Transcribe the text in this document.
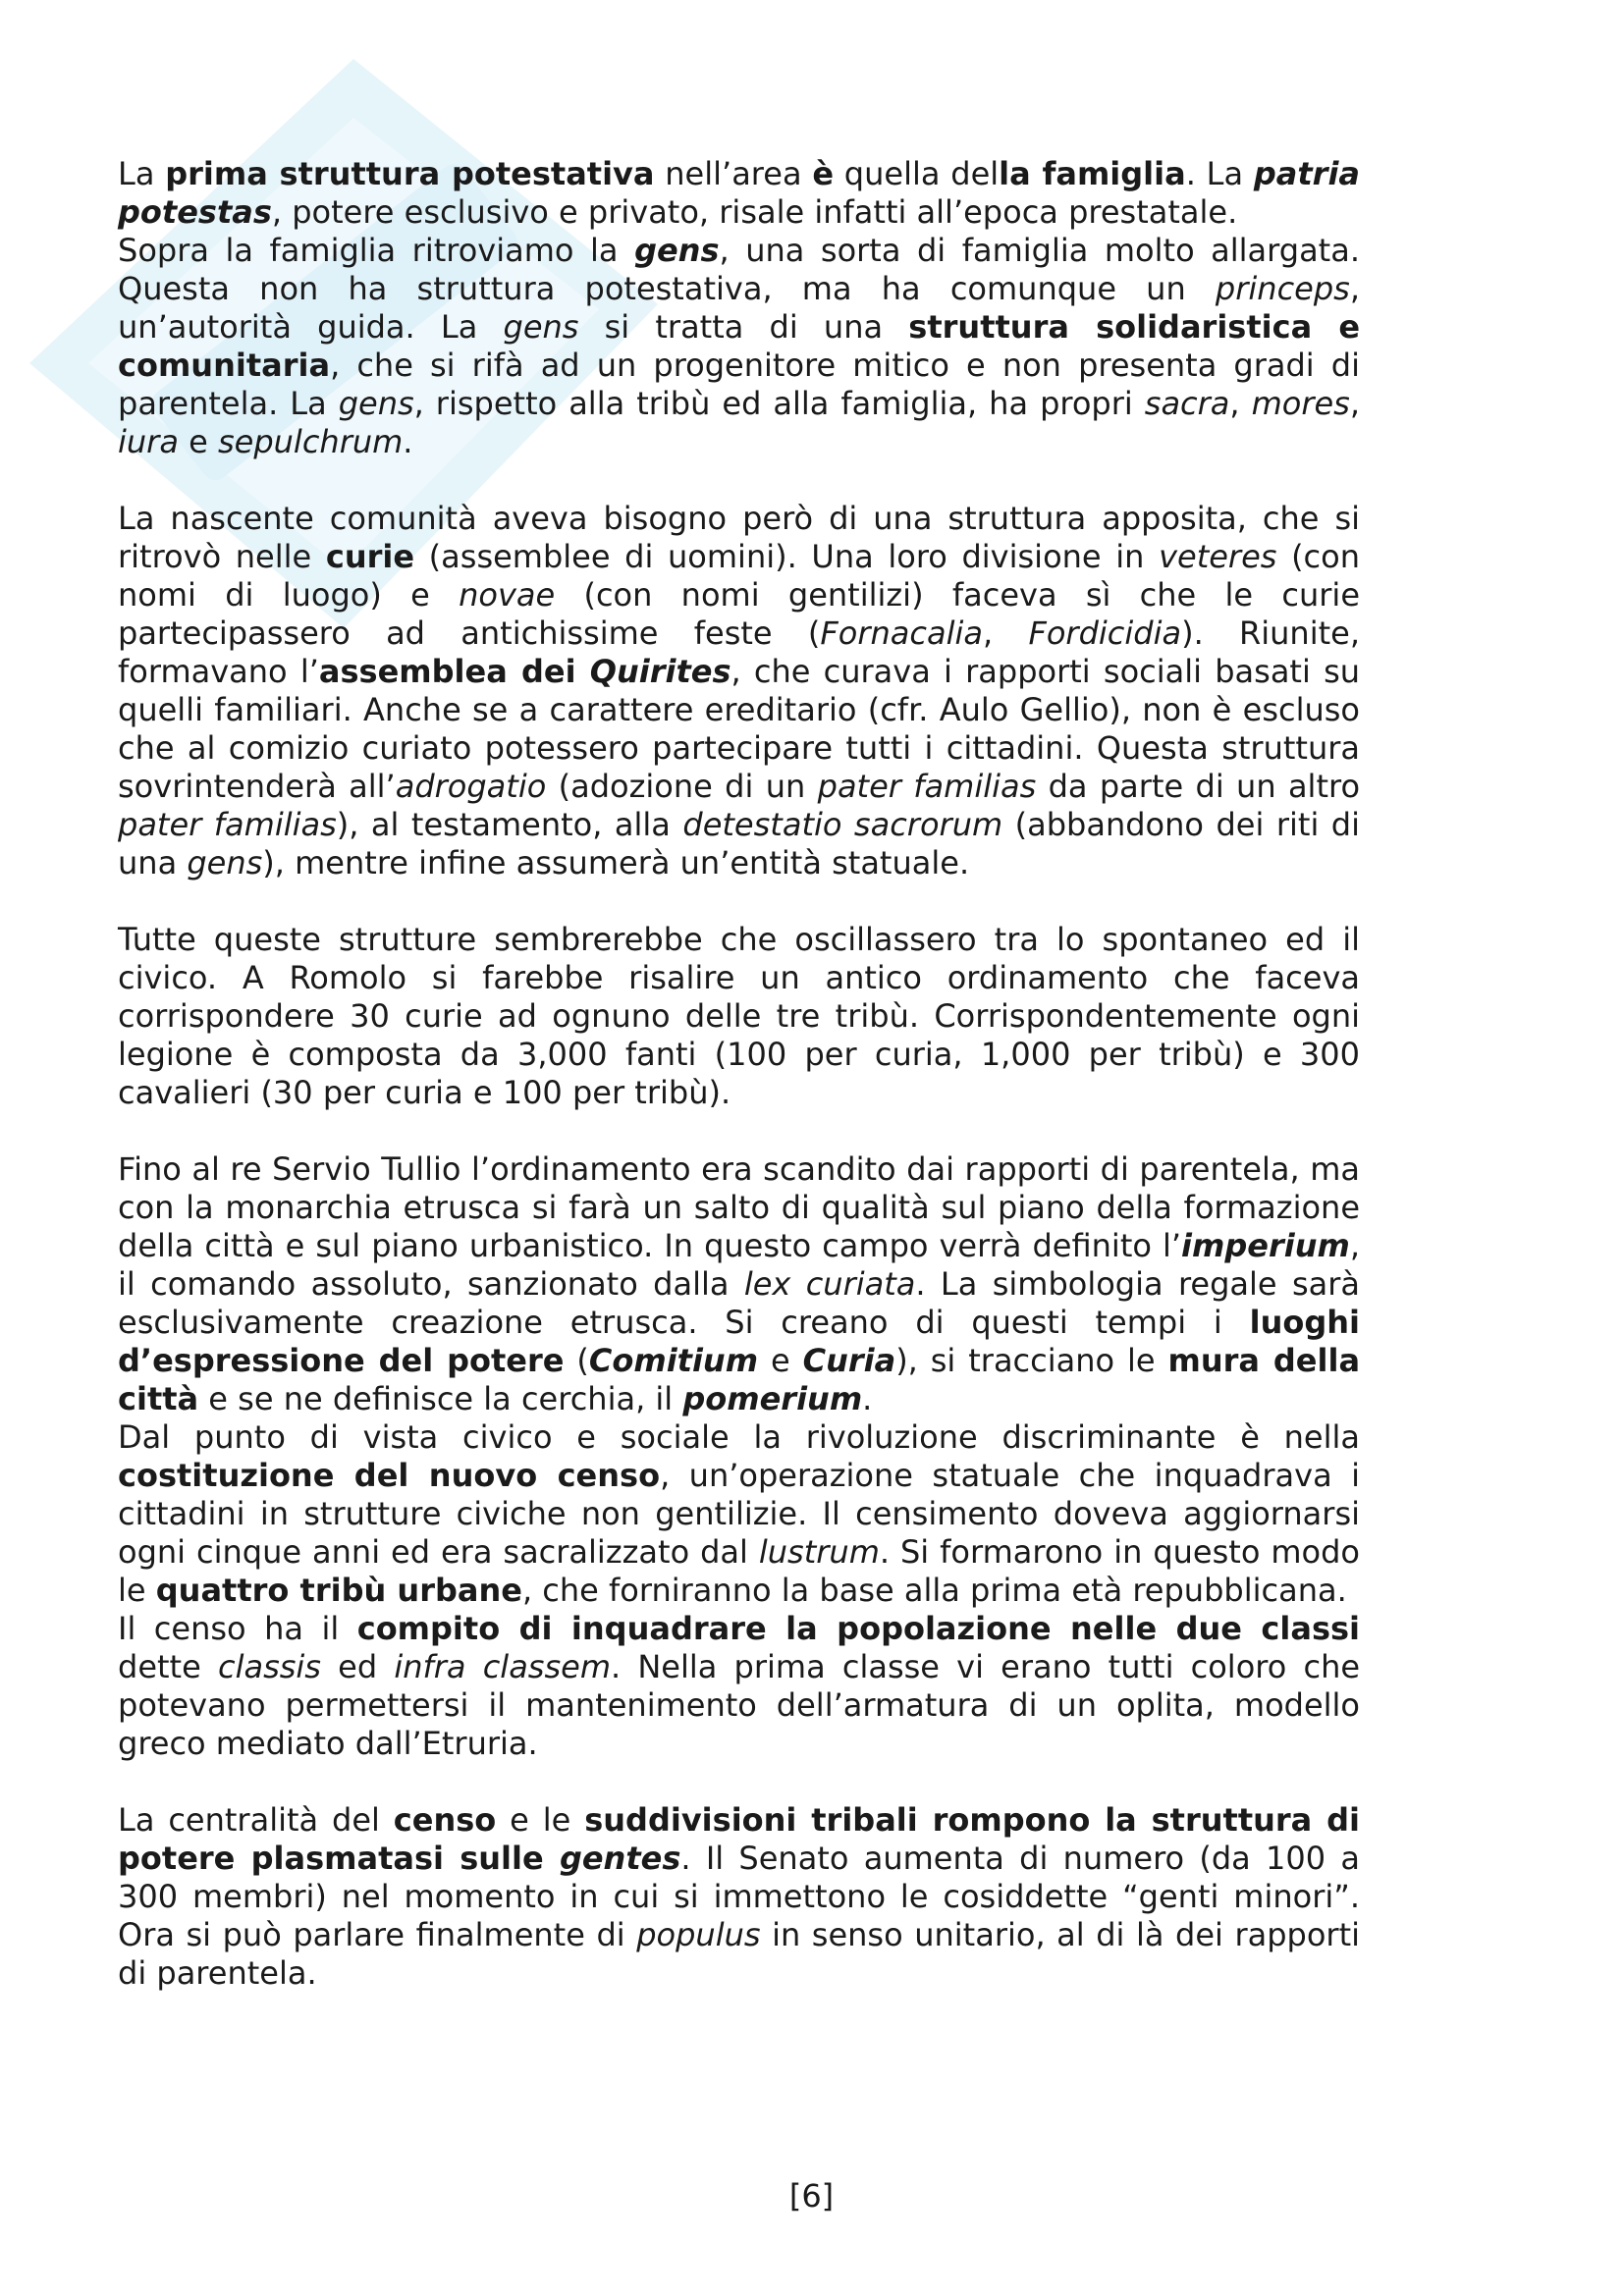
La prima struttura potestativa nell’area è quella della famiglia. La patria potestas, potere esclusivo e privato, risale infatti all’epoca prestatale.

Sopra la famiglia ritroviamo la gens, una sorta di famiglia molto allargata. Questa non ha struttura potestativa, ma ha comunque un princeps, un’autorità guida. La gens si tratta di una struttura solidaristica e comunitaria, che si rifà ad un progenitore mitico e non presenta gradi di parentela. La gens, rispetto alla tribù ed alla famiglia, ha propri sacra, mores, iura e sepulchrum.

La nascente comunità aveva bisogno però di una struttura apposita, che si ritrovò nelle curie (assemblee di uomini). Una loro divisione in veteres (con nomi di luogo) e novae (con nomi gentilizi) faceva sì che le curie partecipassero ad antichissime feste (Fornacalia, Fordicidia). Riunite, formavano l’assemblea dei Quirites, che curava i rapporti sociali basati su quelli familiari. Anche se a carattere ereditario (cfr. Aulo Gellio), non è escluso che al comizio curiato potessero partecipare tutti i cittadini. Questa struttura sovrintenderà all’adrogatio (adozione di un pater familias da parte di un altro pater familias), al testamento, alla detestatio sacrorum (abbandono dei riti di una gens), mentre infine assumerà un’entità statuale.

Tutte queste strutture sembrerebbe che oscillassero tra lo spontaneo ed il civico. A Romolo si farebbe risalire un antico ordinamento che faceva corrispondere 30 curie ad ognuno delle tre tribù. Corrispondentemente ogni legione è composta da 3,000 fanti (100 per curia, 1,000 per tribù) e 300 cavalieri (30 per curia e 100 per tribù).

Fino al re Servio Tullio l’ordinamento era scandito dai rapporti di parentela, ma con la monarchia etrusca si farà un salto di qualità sul piano della formazione della città e sul piano urbanistico. In questo campo verrà definito l’imperium, il comando assoluto, sanzionato dalla lex curiata. La simbologia regale sarà esclusivamente creazione etrusca. Si creano di questi tempi i luoghi d’espressione del potere (Comitium e Curia), si tracciano le mura della città e se ne definisce la cerchia, il pomerium.

Dal punto di vista civico e sociale la rivoluzione discriminante è nella costituzione del nuovo censo, un’operazione statuale che inquadrava i cittadini in strutture civiche non gentilizie. Il censimento doveva aggiornarsi ogni cinque anni ed era sacralizzato dal lustrum. Si formarono in questo modo le quattro tribù urbane, che forniranno la base alla prima età repubblicana.

Il censo ha il compito di inquadrare la popolazione nelle due classi dette classis ed infra classem. Nella prima classe vi erano tutti coloro che potevano permettersi il mantenimento dell’armatura di un oplita, modello greco mediato dall’Etruria.

La centralità del censo e le suddivisioni tribali rompono la struttura di potere plasmatasi sulle gentes. Il Senato aumenta di numero (da 100 a 300 membri) nel momento in cui si immettono le cosiddette “genti minori”. Ora si può parlare finalmente di populus in senso unitario, al di là dei rapporti di parentela.

[6]
